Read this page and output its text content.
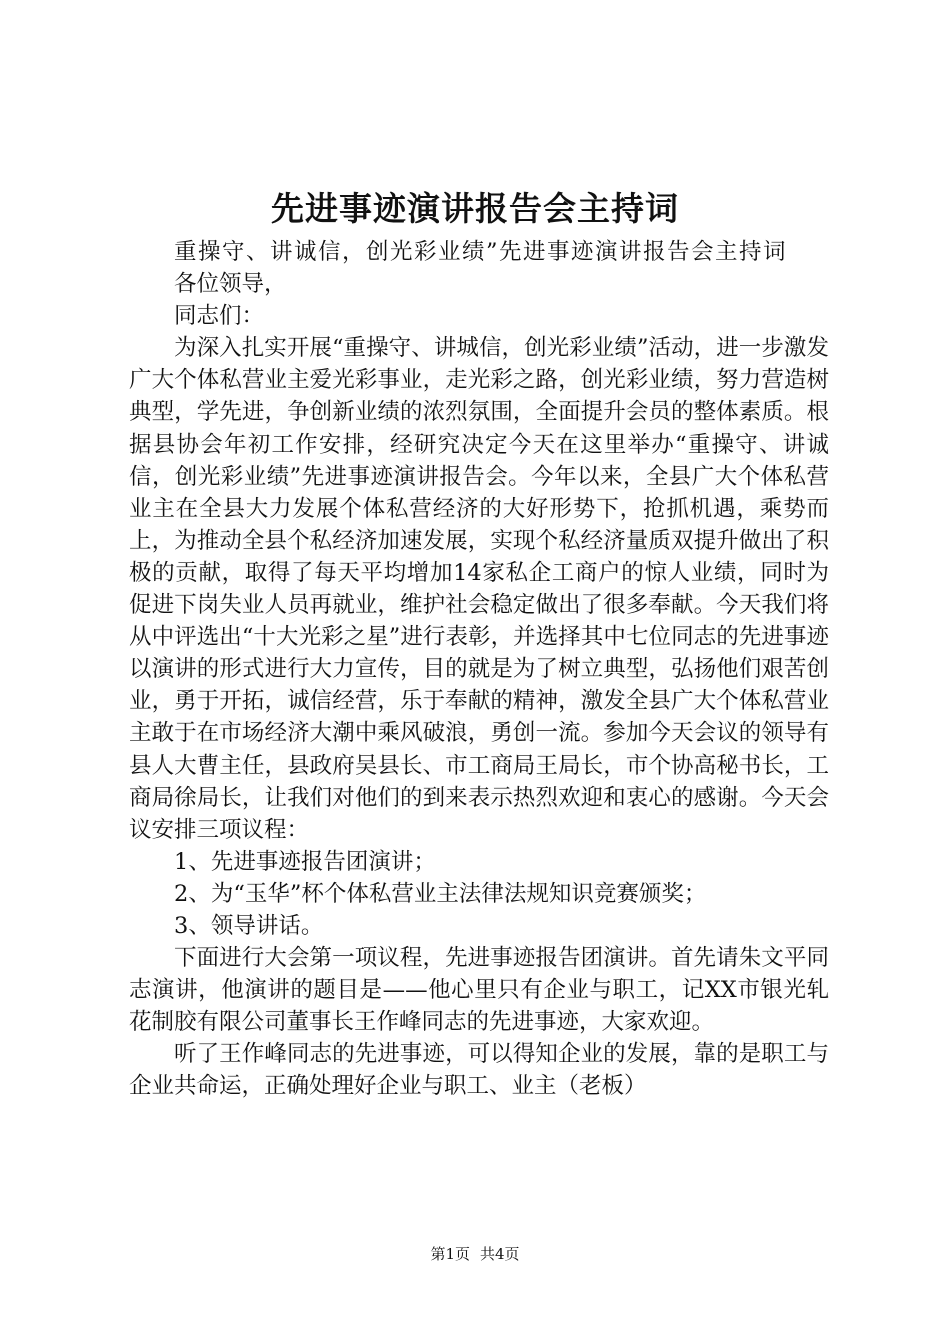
先进事迹演讲报告会主持词

重操守、讲诚信，创光彩业绩”先进事迹演讲报告会主持词

各位领导，

同志们：

为深入扎实开展“重操守、讲城信，创光彩业绩”活动，进一步激发广大个体私营业主爱光彩事业，走光彩之路，创光彩业绩，努力营造树典型，学先进，争创新业绩的浓烈氛围，全面提升会员的整体素质。根据县协会年初工作安排，经研究决定今天在这里举办“重操守、讲诚信，创光彩业绩”先进事迹演讲报告会。今年以来，全县广大个体私营业主在全县大力发展个体私营经济的大好形势下，抢抓机遇，乘势而上，为推动全县个私经济加速发展，实现个私经济量质双提升做出了积极的贡献，取得了每天平均增加14家私企工商户的惊人业绩，同时为促进下岗失业人员再就业，维护社会稳定做出了很多奉献。今天我们将从中评选出“十大光彩之星”进行表彰，并选择其中七位同志的先进事迹以演讲的形式进行大力宣传，目的就是为了树立典型，弘扬他们艰苦创业，勇于开拓，诚信经营，乐于奉献的精神，激发全县广大个体私营业主敢于在市场经济大潮中乘风破浪，勇创一流。参加今天会议的领导有县人大曹主任，县政府吴县长、市工商局王局长，市个协高秘书长，工商局徐局长，让我们对他们的到来表示热烈欢迎和衷心的感谢。今天会议安排三项议程：

1、先进事迹报告团演讲；

2、为“玉华”杯个体私营业主法律法规知识竞赛颁奖；

3、领导讲话。

下面进行大会第一项议程，先进事迹报告团演讲。首先请朱文平同志演讲，他演讲的题目是——他心里只有企业与职工，记XX市银光轧花制胶有限公司董事长王作峰同志的先进事迹，大家欢迎。

听了王作峰同志的先进事迹，可以得知企业的发展，靠的是职工与企业共命运，正确处理好企业与职工、业主（老板）

第1页 共4页
